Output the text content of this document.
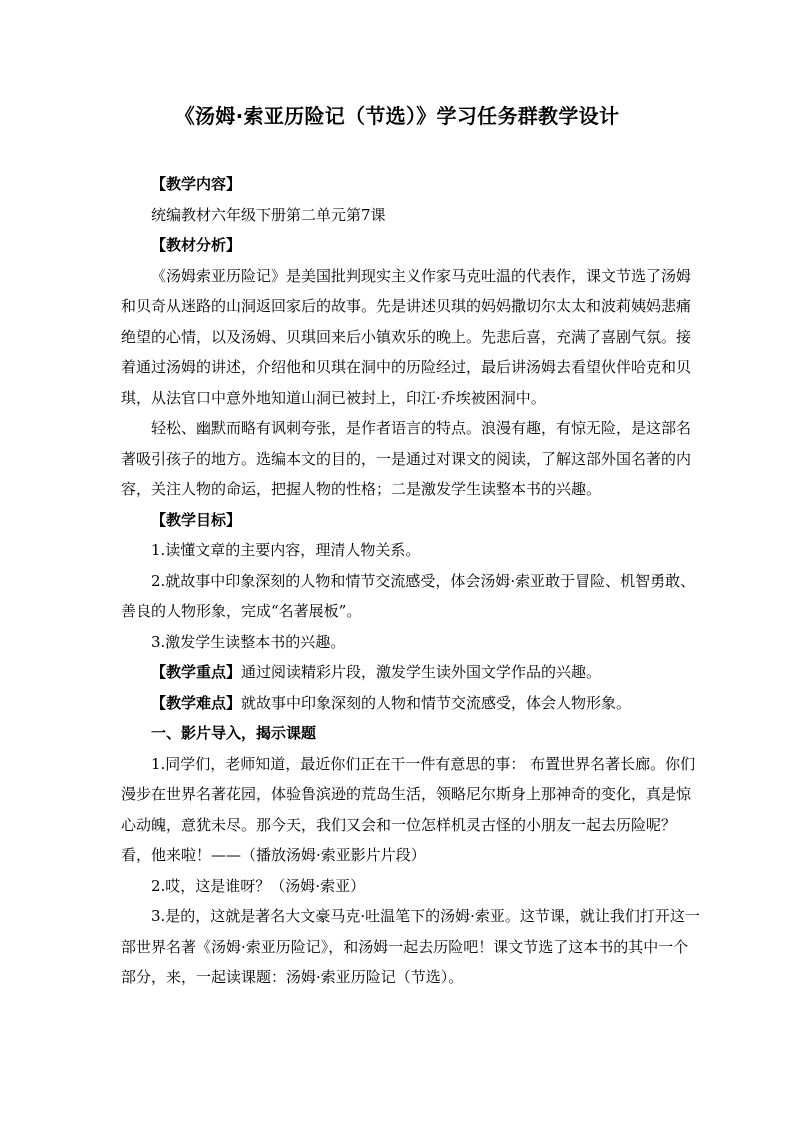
《汤姆·索亚历险记（节选）》学习任务群教学设计

【教学内容】

统编教材六年级下册第二单元第7课

【教材分析】

《汤姆索亚历险记》是美国批判现实主义作家马克吐温的代表作，课文节选了汤姆和贝奇从迷路的山洞返回家后的故事。先是讲述贝琪的妈妈撒切尔太太和波莉姨妈悲痛绝望的心情，以及汤姆、贝琪回来后小镇欢乐的晚上。先悲后喜，充满了喜剧气氛。接着通过汤姆的讲述，介绍他和贝琪在洞中的历险经过，最后讲汤姆去看望伙伴哈克和贝琪，从法官口中意外地知道山洞已被封上，印江·乔埃被困洞中。

轻松、幽默而略有讽刺夸张，是作者语言的特点。浪漫有趣，有惊无险，是这部名著吸引孩子的地方。选编本文的目的，一是通过对课文的阅读，了解这部外国名著的内容，关注人物的命运，把握人物的性格；二是激发学生读整本书的兴趣。

【教学目标】

1.读懂文章的主要内容，理清人物关系。

2.就故事中印象深刻的人物和情节交流感受，体会汤姆·索亚敢于冒险、机智勇敢、善良的人物形象，完成“名著展板”。

3.激发学生读整本书的兴趣。

【教学重点】通过阅读精彩片段，激发学生读外国文学作品的兴趣。

【教学难点】就故事中印象深刻的人物和情节交流感受，体会人物形象。

一、影片导入，揭示课题

1.同学们，老师知道，最近你们正在干一件有意思的事： 布置世界名著长廊。你们漫步在世界名著花园，体验鲁滨逊的荒岛生活，领略尼尔斯身上那神奇的变化，真是惊心动魄，意犹未尽。那今天，我们又会和一位怎样机灵古怪的小朋友一起去历险呢？看，他来啦！——（播放汤姆·索亚影片片段）

2.哎，这是谁呀？（汤姆·索亚）

3.是的，这就是著名大文豪马克·吐温笔下的汤姆·索亚。这节课，就让我们打开这一部世界名著《汤姆·索亚历险记》，和汤姆一起去历险吧！课文节选了这本书的其中一个部分，来，一起读课题：汤姆·索亚历险记（节选）。
